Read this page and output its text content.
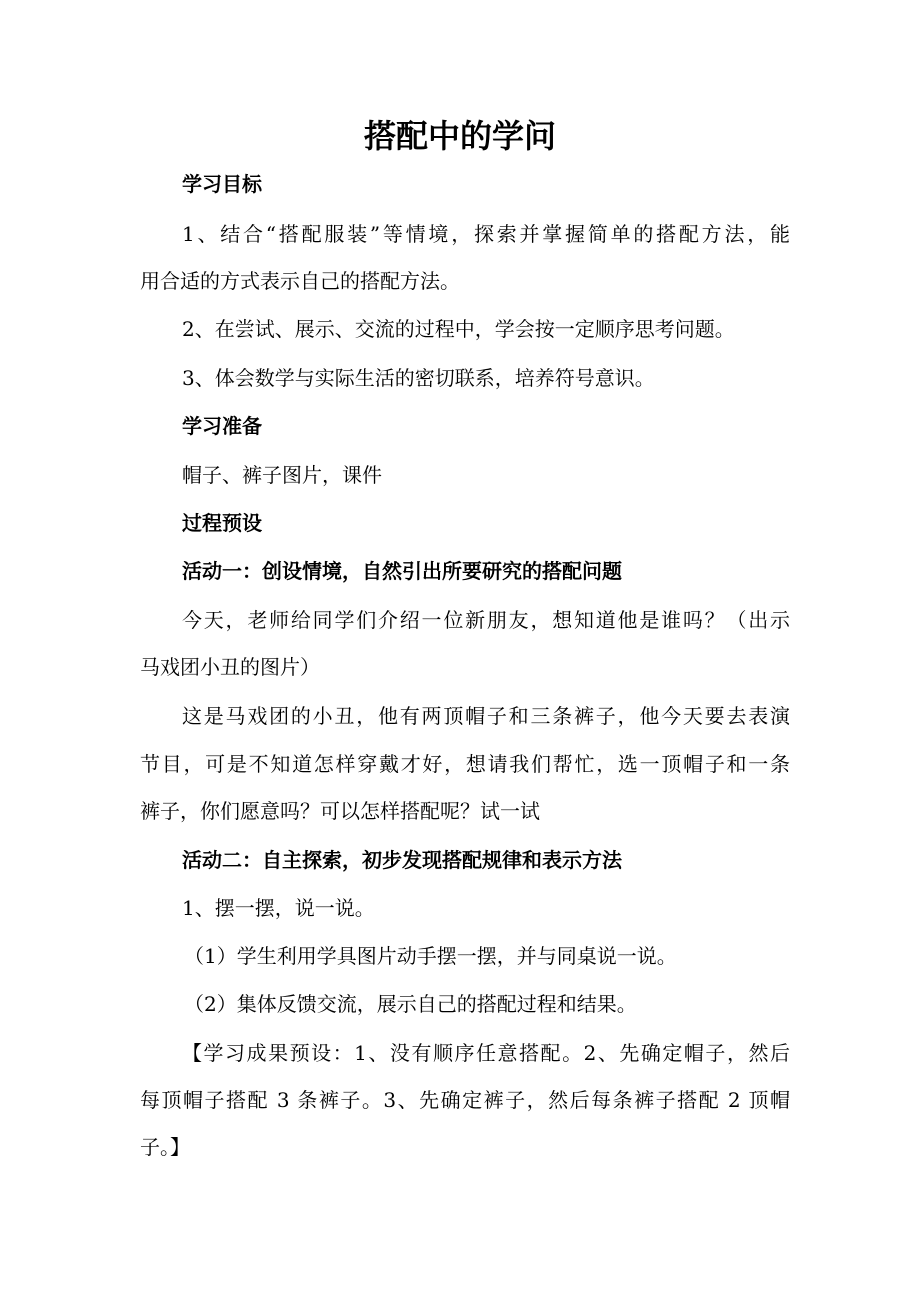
搭配中的学问
学习目标
1、结合“搭配服装”等情境，探索并掌握简单的搭配方法，能
用合适的方式表示自己的搭配方法。
2、在尝试、展示、交流的过程中，学会按一定顺序思考问题。
3、体会数学与实际生活的密切联系，培养符号意识。
学习准备
帽子、裤子图片，课件
过程预设
活动一：创设情境，自然引出所要研究的搭配问题
今天，老师给同学们介绍一位新朋友，想知道他是谁吗？（出示
马戏团小丑的图片）
这是马戏团的小丑，他有两顶帽子和三条裤子，他今天要去表演
节目，可是不知道怎样穿戴才好，想请我们帮忙，选一顶帽子和一条
裤子，你们愿意吗？可以怎样搭配呢？试一试
活动二：自主探索，初步发现搭配规律和表示方法
1、摆一摆，说一说。
（1）学生利用学具图片动手摆一摆，并与同桌说一说。
（2）集体反馈交流，展示自己的搭配过程和结果。
【学习成果预设：1、没有顺序任意搭配。2、先确定帽子，然后
每顶帽子搭配 3 条裤子。3、先确定裤子，然后每条裤子搭配 2 顶帽
子。】
